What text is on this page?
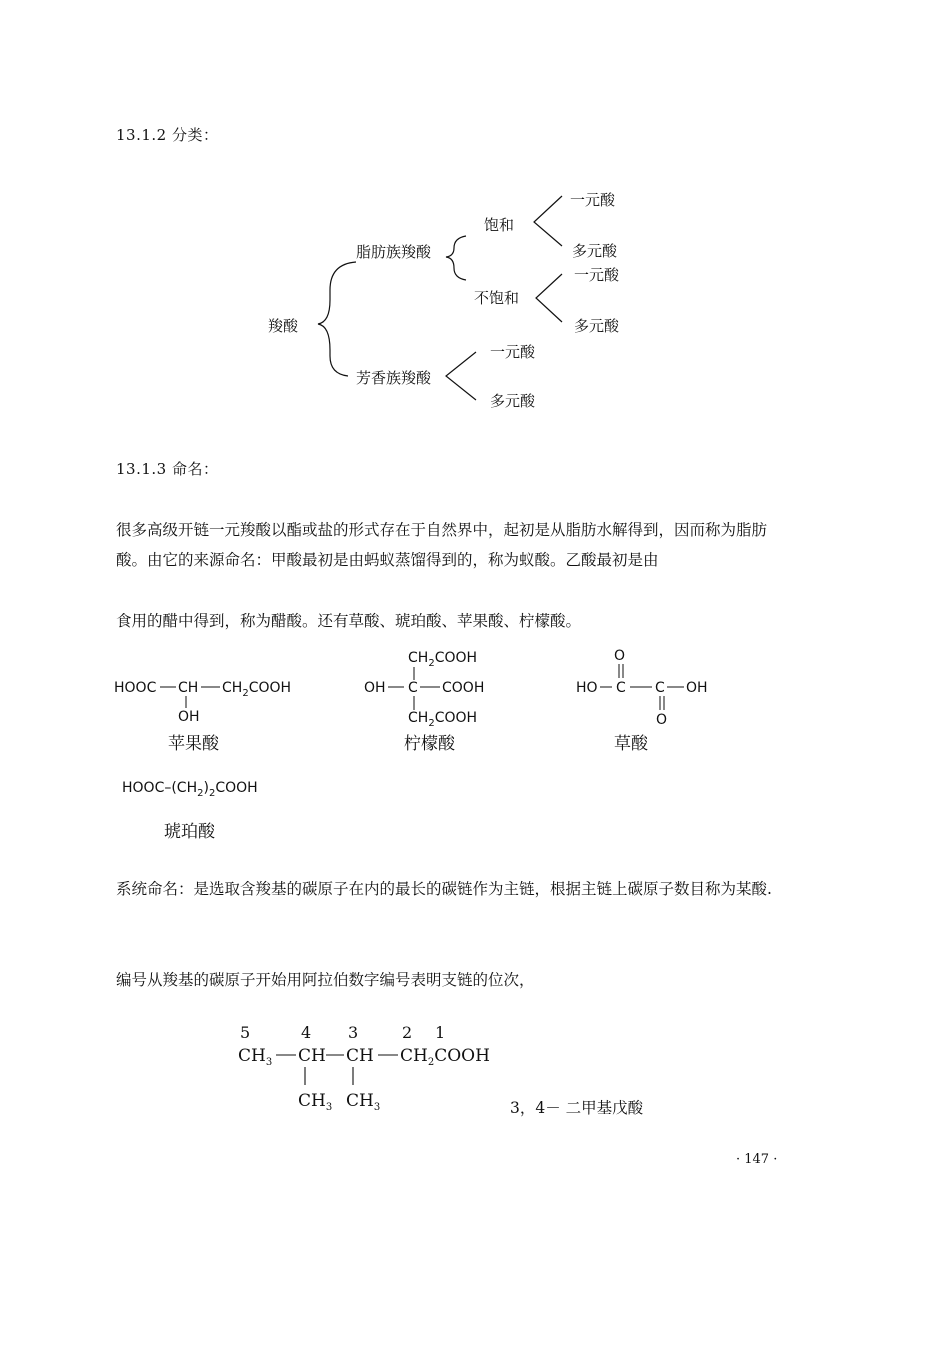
13.1.2 分类：
羧酸
脂肪族羧酸
芳香族羧酸
饱和
不饱和
一元酸
多元酸
一元酸
多元酸
一元酸
多元酸
13.1.3 命名：
很多高级开链一元羧酸以酯或盐的形式存在于自然界中，起初是从脂肪水解得到，因而称为脂肪酸。由它的来源命名：甲酸最初是由蚂蚁蒸馏得到的，称为蚁酸。乙酸最初是由
食用的醋中得到，称为醋酸。还有草酸、琥珀酸、苹果酸、柠檬酸。
HOOC CH $CH_2COOH$
OH
苹果酸
$CH_2COOH$
OH C COOH
$CH_2COOH$
柠檬酸
O
HO C C OH
O
草酸
HOOC–$(CH_2)_2COOH$
琥珀酸
系统命名：是选取含羧基的碳原子在内的最长的碳链作为主链，根据主链上碳原子数目称为某酸.
编号从羧基的碳原子开始用阿拉伯数字编号表明支链的位次，
5	4 3	2 1
$CH_3$ CH CH $CH_2COOH$
$CH_3$ $CH_3$	3，4－ 二甲基戊酸
· 147 ·
